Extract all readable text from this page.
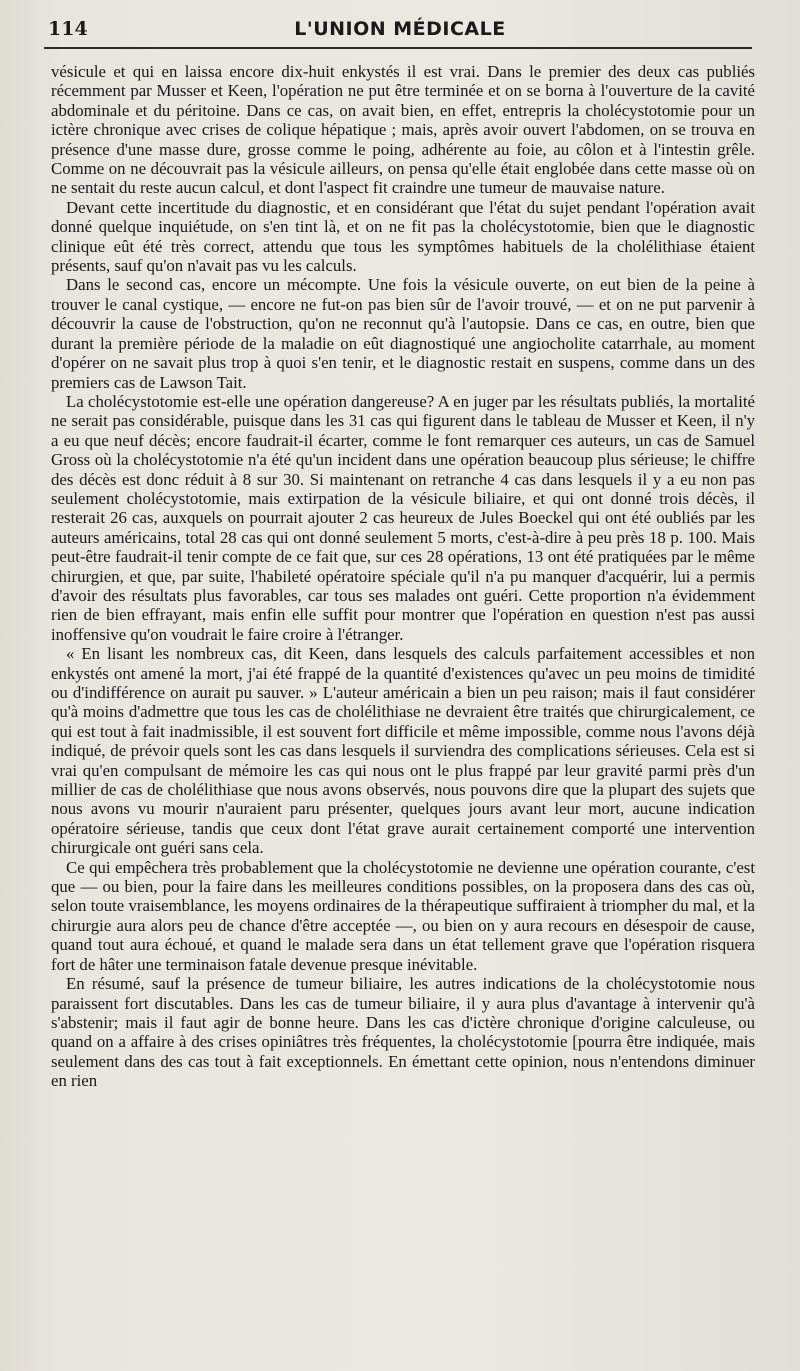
114	L'UNION MÉDICALE

vésicule et qui en laissa encore dix-huit enkystés il est vrai. Dans le premier des deux cas publiés récemment par Musser et Keen, l'opération ne put être terminée et on se borna à l'ouverture de la cavité abdominale et du péritoine. Dans ce cas, on avait bien, en effet, entrepris la cholécystotomie pour un ictère chronique avec crises de colique hépatique ; mais, après avoir ouvert l'abdomen, on se trouva en présence d'une masse dure, grosse comme le poing, adhérente au foie, au côlon et à l'intestin grêle. Comme on ne découvrait pas la vésicule ailleurs, on pensa qu'elle était englobée dans cette masse où on ne sentait du reste aucun calcul, et dont l'aspect fit craindre une tumeur de mauvaise nature.

Devant cette incertitude du diagnostic, et en considérant que l'état du sujet pendant l'opération avait donné quelque inquiétude, on s'en tint là, et on ne fit pas la cholécystotomie, bien que le diagnostic clinique eût été très correct, attendu que tous les symptômes habituels de la cholélithiase étaient présents, sauf qu'on n'avait pas vu les calculs.

Dans le second cas, encore un mécompte. Une fois la vésicule ouverte, on eut bien de la peine à trouver le canal cystique, — encore ne fut-on pas bien sûr de l'avoir trouvé, — et on ne put parvenir à découvrir la cause de l'obstruction, qu'on ne reconnut qu'à l'autopsie. Dans ce cas, en outre, bien que durant la première période de la maladie on eût diagnostiqué une angiocholite catarrhale, au moment d'opérer on ne savait plus trop à quoi s'en tenir, et le diagnostic restait en suspens, comme dans un des premiers cas de Lawson Tait.

La cholécystotomie est-elle une opération dangereuse? A en juger par les résultats publiés, la mortalité ne serait pas considérable, puisque dans les 31 cas qui figurent dans le tableau de Musser et Keen, il n'y a eu que neuf décès; encore faudrait-il écarter, comme le font remarquer ces auteurs, un cas de Samuel Gross où la cholécystotomie n'a été qu'un incident dans une opération beaucoup plus sérieuse; le chiffre des décès est donc réduit à 8 sur 30. Si maintenant on retranche 4 cas dans lesquels il y a eu non pas seulement cholécystotomie, mais extirpation de la vésicule biliaire, et qui ont donné trois décès, il resterait 26 cas, auxquels on pourrait ajouter 2 cas heureux de Jules Boeckel qui ont été oubliés par les auteurs américains, total 28 cas qui ont donné seulement 5 morts, c'est-à-dire à peu près 18 p. 100. Mais peut-être faudrait-il tenir compte de ce fait que, sur ces 28 opérations, 13 ont été pratiquées par le même chirurgien, et que, par suite, l'habileté opératoire spéciale qu'il n'a pu manquer d'acquérir, lui a permis d'avoir des résultats plus favorables, car tous ses malades ont guéri. Cette proportion n'a évidemment rien de bien effrayant, mais enfin elle suffit pour montrer que l'opération en question n'est pas aussi inoffensive qu'on voudrait le faire croire à l'étranger.

« En lisant les nombreux cas, dit Keen, dans lesquels des calculs parfaitement accessibles et non enkystés ont amené la mort, j'ai été frappé de la quantité d'existences qu'avec un peu moins de timidité ou d'indifférence on aurait pu sauver. » L'auteur américain a bien un peu raison; mais il faut considérer qu'à moins d'admettre que tous les cas de cholélithiase ne devraient être traités que chirurgicalement, ce qui est tout à fait inadmissible, il est souvent fort difficile et même impossible, comme nous l'avons déjà indiqué, de prévoir quels sont les cas dans lesquels il surviendra des complications sérieuses. Cela est si vrai qu'en compulsant de mémoire les cas qui nous ont le plus frappé par leur gravité parmi près d'un millier de cas de cholélithiase que nous avons observés, nous pouvons dire que la plupart des sujets que nous avons vu mourir n'auraient paru présenter, quelques jours avant leur mort, aucune indication opératoire sérieuse, tandis que ceux dont l'état grave aurait certainement comporté une intervention chirurgicale ont guéri sans cela.

Ce qui empêchera très probablement que la cholécystotomie ne devienne une opération courante, c'est que — ou bien, pour la faire dans les meilleures conditions possibles, on la proposera dans des cas où, selon toute vraisemblance, les moyens ordinaires de la thérapeutique suffiraient à triompher du mal, et la chirurgie aura alors peu de chance d'être acceptée —, ou bien on y aura recours en désespoir de cause, quand tout aura échoué, et quand le malade sera dans un état tellement grave que l'opération risquera fort de hâter une terminaison fatale devenue presque inévitable.

En résumé, sauf la présence de tumeur biliaire, les autres indications de la cholécystotomie nous paraissent fort discutables. Dans les cas de tumeur biliaire, il y aura plus d'avantage à intervenir qu'à s'abstenir; mais il faut agir de bonne heure. Dans les cas d'ictère chronique d'origine calculeuse, ou quand on a affaire à des crises opiniâtres très fréquentes, la cholécystotomie [pourra être indiquée, mais seulement dans des cas tout à fait exceptionnels. En émettant cette opinion, nous n'entendons diminuer en rien
